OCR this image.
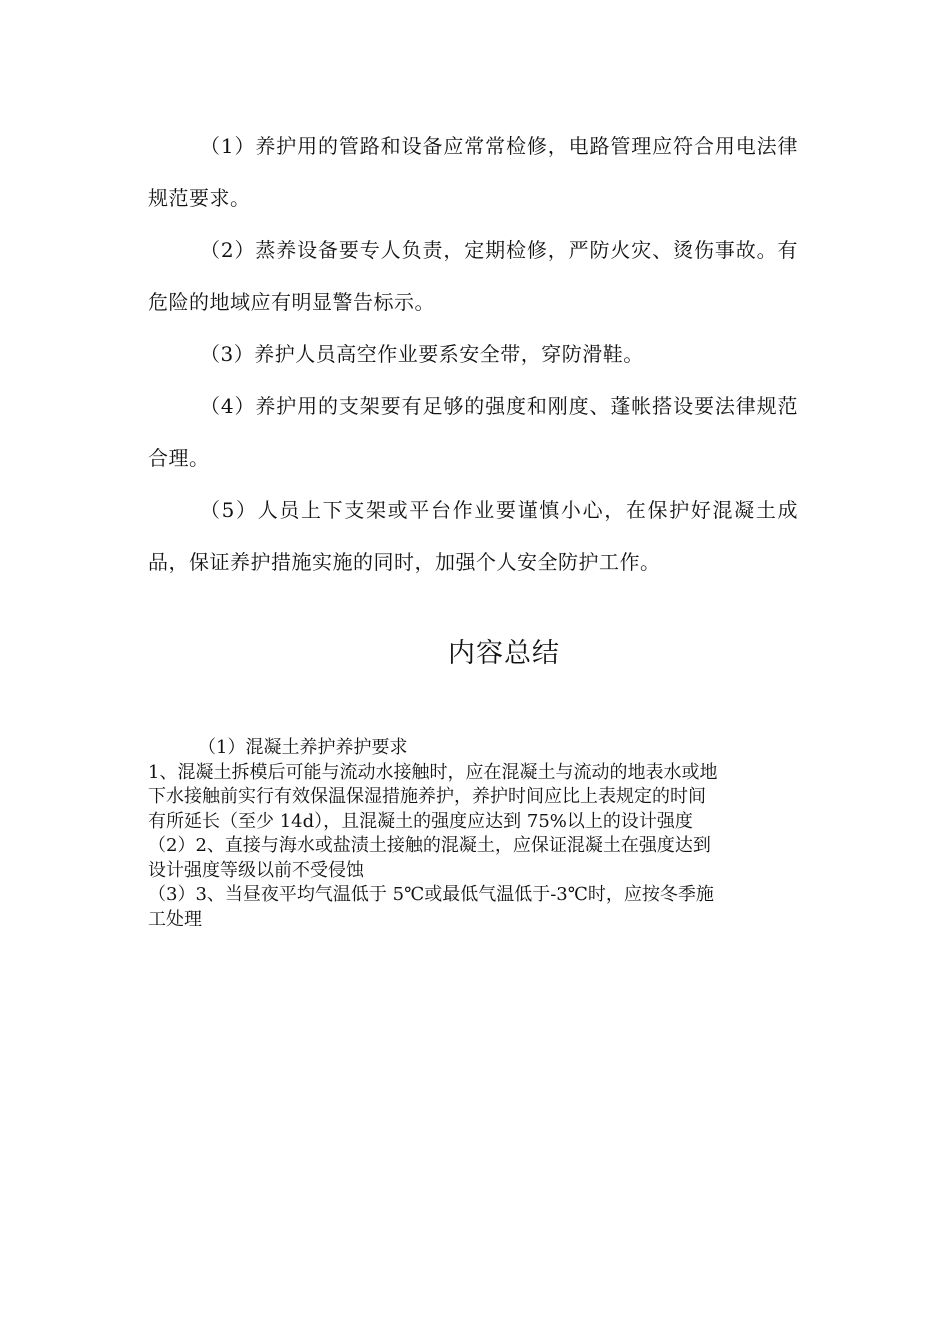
（1）养护用的管路和设备应常常检修，电路管理应符合用电法律规范要求。

（2）蒸养设备要专人负责，定期检修，严防火灾、烫伤事故。有危险的地域应有明显警告标示。

（3）养护人员高空作业要系安全带，穿防滑鞋。

（4）养护用的支架要有足够的强度和刚度、蓬帐搭设要法律规范合理。

（5）人员上下支架或平台作业要谨慎小心，在保护好混凝土成品，保证养护措施实施的同时，加强个人安全防护工作。

内容总结

（1）混凝土养护养护要求

1、混凝土拆模后可能与流动水接触时，应在混凝土与流动的地表水或地

下水接触前实行有效保温保湿措施养护，养护时间应比上表规定的时间

有所延长（至少 14d），且混凝土的强度应达到 75%以上的设计强度

（2）2、直接与海水或盐渍土接触的混凝土，应保证混凝土在强度达到

设计强度等级以前不受侵蚀

（3）3、当昼夜平均气温低于 5℃或最低气温低于-3℃时，应按冬季施

工处理
